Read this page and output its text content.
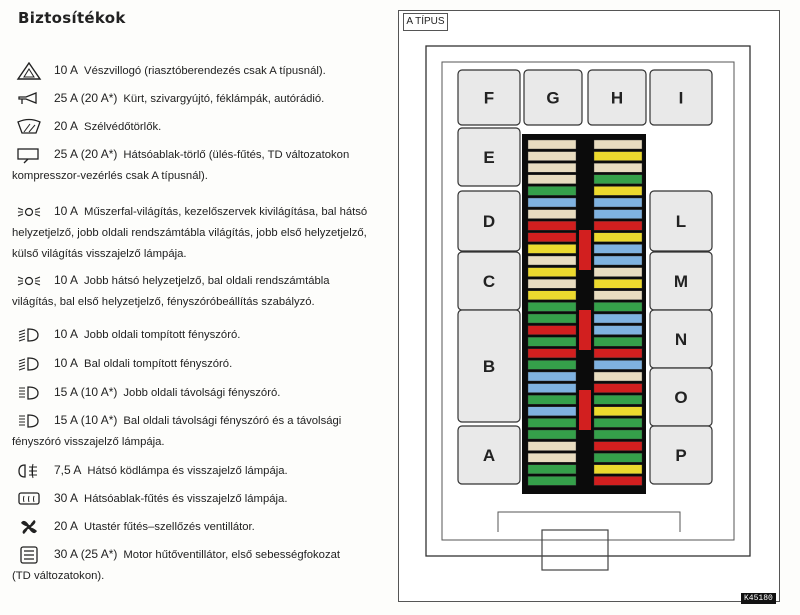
Biztosítékok
10 A Vészvillogó (riasztóberendezés csak A típusnál).
25 A (20 A*) Kürt, szivargyújtó, féklámpák, autórádió.
20 A Szélvédőtörlők.
25 A (20 A*) Hátsóablak-törlő (ülés-fűtés, TD változatokon
kompresszor-vezérlés csak A típusnál).
10 A Műszerfal-világítás, kezelőszervek kivilágítása, bal hátsó
helyzetjelző, jobb oldali rendszámtábla világítás, jobb első helyzetjelző,
külső világítás visszajelző lámpája.
10 A Jobb hátsó helyzetjelző, bal oldali rendszámtábla
világítás, bal első helyzetjelző, fényszóróbeállítás szabályzó.
10 A Jobb oldali tompított fényszóró.
10 A Bal oldali tompított fényszóró.
15 A (10 A*) Jobb oldali távolsági fényszóró.
15 A (10 A*) Bal oldali távolsági fényszóró és a távolsági
fényszóró visszajelző lámpája.
7,5 A Hátsó ködlámpa és visszajelző lámpája.
30 A Hátsóablak-fűtés és visszajelző lámpája.
20 A Utastér fűtés–szellőzés ventillátor.
30 A (25 A*) Motor hűtőventillátor, első sebességfokozat
(TD változatokon).
A TÍPUS
F	G	H	I
E
D
C
B
A
L
M
N
O
P
K45180
